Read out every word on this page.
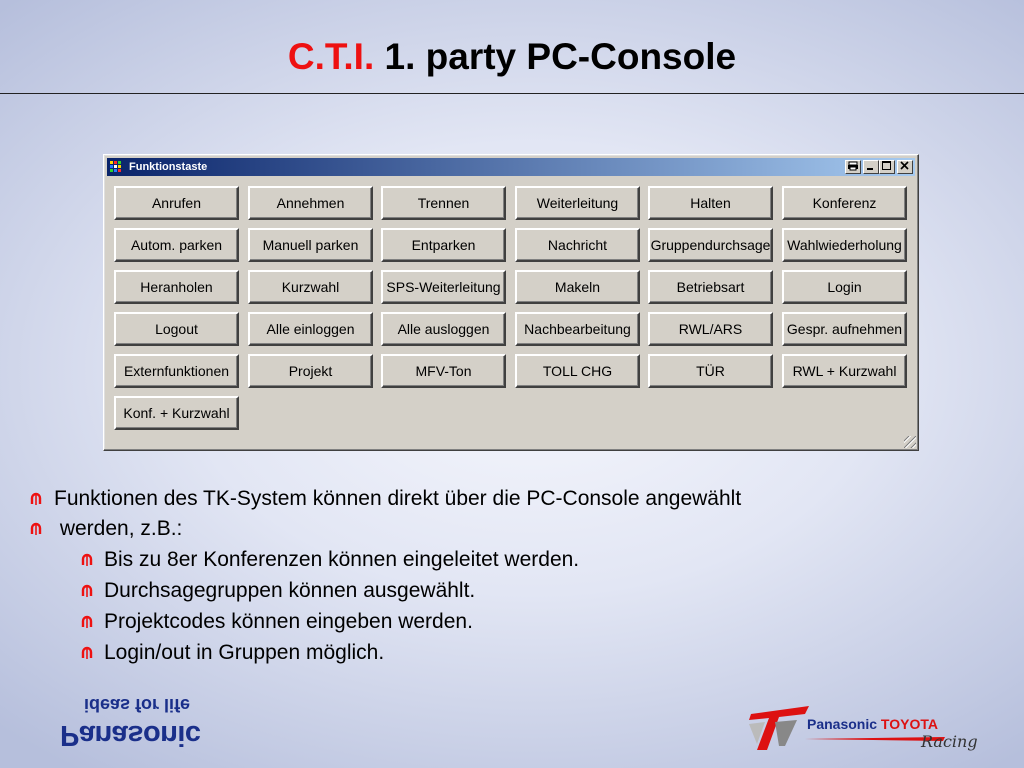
C.T.I. 1. party PC-Console
Funktionstaste
Anrufen	Annehmen	Trennen	Weiterleitung	Halten	Konferenz
Autom. parken	Manuell parken	Entparken	Nachricht	Gruppendurchsage	Wahlwiederholung
Heranholen	Kurzwahl	SPS-Weiterleitung	Makeln	Betriebsart	Login
Logout	Alle einloggen	Alle ausloggen	Nachbearbeitung	RWL/ARS	Gespr. aufnehmen
Externfunktionen	Projekt	MFV-Ton	TOLL CHG	TÜR	RWL + Kurzwahl
Konf. + Kurzwahl
Funktionen des TK-System können direkt über die PC-Console angewählt
werden, z.B.:
Bis zu 8er Konferenzen können eingeleitet werden.
Durchsagegruppen können ausgewählt.
Projektcodes können eingeben werden.
Login/out in Gruppen möglich.
ideas for life
Panasonic	Panasonic TOYOTA
Racing
